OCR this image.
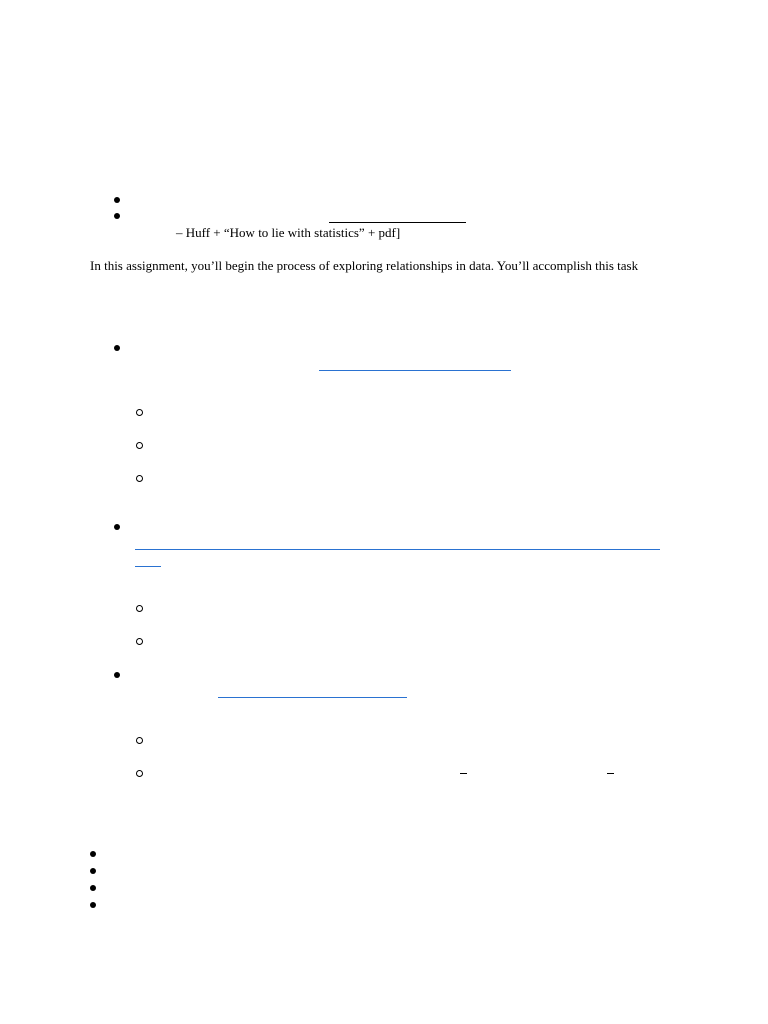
– Huff + “How to lie with statistics” + pdf]
In this assignment, you’ll begin the process of exploring relationships in data. You’ll accomplish this task
